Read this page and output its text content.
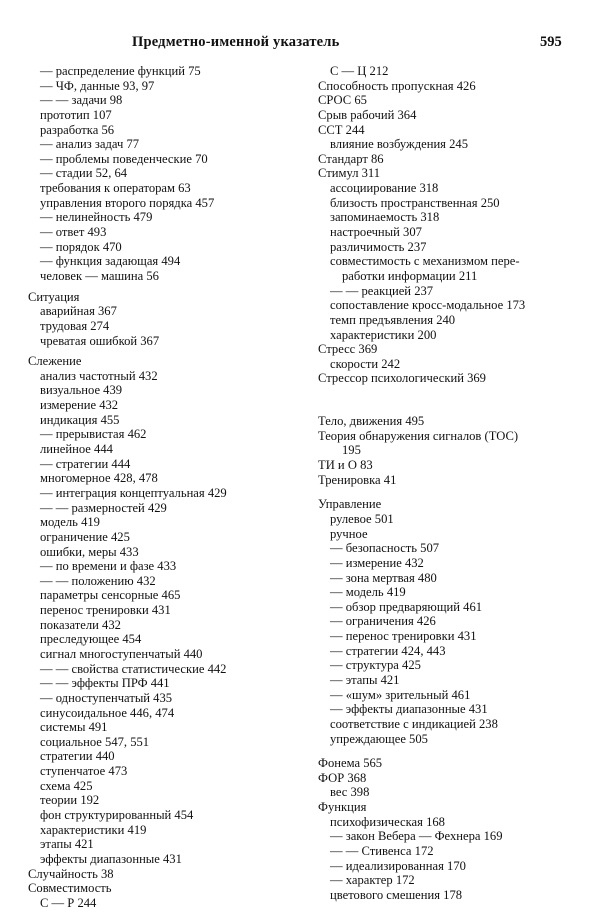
Предметно-именной указатель	595
— распределение функций 75
— ЧФ, данные 93, 97
— — задачи 98
прототип 107
разработка 56
— анализ задач 77
— проблемы поведенческие 70
— стадии 52, 64
требования к операторам 63
управления второго порядка 457
— нелинейность 479
— ответ 493
— порядок 470
— функция задающая 494
человек — машина 56
Ситуация
аварийная 367
трудовая 274
чреватая ошибкой 367
Слежение
анализ частотный 432
визуальное 439
измерение 432
индикация 455
— прерывистая 462
линейное 444
— стратегии 444
многомерное 428, 478
— интеграция концептуальная 429
— — размерностей 429
модель 419
ограничение 425
ошибки, меры 433
— по времени и фазе 433
— — положению 432
параметры сенсорные 465
перенос тренировки 431
показатели 432
преследующее 454
сигнал многоступенчатый 440
— — свойства статистические 442
— — эффекты ПРФ 441
— одноступенчатый 435
синусоидальное 446, 474
системы 491
социальное 547, 551
стратегии 440
ступенчатое 473
схема 425
теории 192
фон структурированный 454
характеристики 419
этапы 421
эффекты диапазонные 431
Случайность 38
Совместимость
С — Р 244
С — Ц 212
Способность пропускная 426
СРОС 65
Срыв рабочий 364
ССТ 244
влияние возбуждения 245
Стандарт 86
Стимул 311
ассоциирование 318
близость пространственная 250
запоминаемость 318
настроечный 307
различимость 237
совместимость с механизмом пере-
работки информации 211
— — реакцией 237
сопоставление кросс-модальное 173
темп предъявления 240
характеристики 200
Стресс 369
скорости 242
Стрессор психологический 369
Тело, движения 495
Теория обнаружения сигналов (ТОС)
195
ТИ и О 83
Тренировка 41
Управление
рулевое 501
ручное
— безопасность 507
— измерение 432
— зона мертвая 480
— модель 419
— обзор предваряющий 461
— ограничения 426
— перенос тренировки 431
— стратегии 424, 443
— структура 425
— этапы 421
— «шум» зрительный 461
— эффекты диапазонные 431
соответствие с индикацией 238
упреждающее 505
Фонема 565
ФОР 368
вес 398
Функция
психофизическая 168
— закон Вебера — Фехнера 169
— — Стивенса 172
— идеализированная 170
— характер 172
цветового смешения 178
